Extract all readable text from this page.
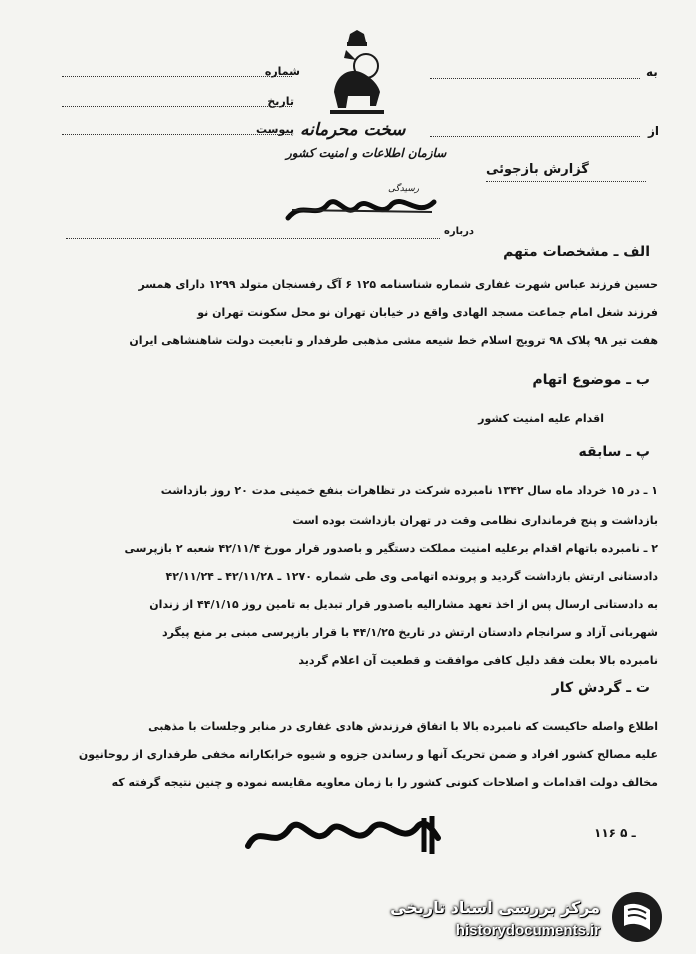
شماره
تاریخ
پیوست
به
از
سخت محرمانه
سازمان اطلاعات و امنیت کشور
گزارش بازجوئی
رسیدگی
درباره
الف ـ مشخصات متهم
حسین فرزند عباس شهرت غفاری شماره شناسنامه ۱۲۵ ۶ آگ رفسنجان متولد ۱۲۹۹ دارای همسر
فرزند شغل امام جماعت مسجد الهادی واقع در خیابان تهران نو محل سکونت تهران نو
هفت تیر ۹۸ پلاک ۹۸ ترویج اسلام خط شیعه مشی مذهبی طرفدار و تابعیت دولت شاهنشاهی ایران
ب ـ موضوع اتهام
اقدام علیه امنیت کشور
پ ـ سابقه
۱ ـ در ۱۵ خرداد ماه سال ۱۳۴۲ نامبرده شرکت در تظاهرات بنفع خمینی مدت ۲۰ روز بازداشت
بازداشت و پنج فرمانداری نظامی وقت در تهران بازداشت بوده است
۲ ـ نامبرده باتهام اقدام برعلیه امنیت مملکت دستگیر و باصدور قرار مورخ ۴۲/۱۱/۴ شعبه ۲ بازپرسی
دادستانی ارتش بازداشت گردید و پرونده اتهامی وی طی شماره ۱۲۷۰ ـ ۴۲/۱۱/۲۸ ـ ۴۲/۱۱/۲۴
به دادستانی ارسال پس از اخذ تعهد مشارالیه باصدور قرار تبدیل به تامین روز ۴۴/۱/۱۵ از زندان
شهربانی آزاد و سرانجام دادستان ارتش در تاریخ ۴۴/۱/۲۵ با قرار بازپرسی مبنی بر منع پیگرد
نامبرده بالا بعلت فقد دلیل کافی موافقت و قطعیت آن اعلام گردید
ت ـ گردش کار
اطلاع واصله حاکیست که نامبرده بالا با اتفاق فرزندش هادی غفاری در منابر وجلسات با مذهبی
علیه مصالح کشور افراد و ضمن تحریک آنها و رساندن جزوه و شیوه خرابکارانه مخفی طرفداری از روحانیون
مخالف دولت اقدامات و اصلاحات کنونی کشور را با زمان معاویه مقایسه نموده و چنین نتیجه گرفته که
۱۱۶ ـ ۵
مرکز بررسی اسناد تاریخی
historydocuments.ir
